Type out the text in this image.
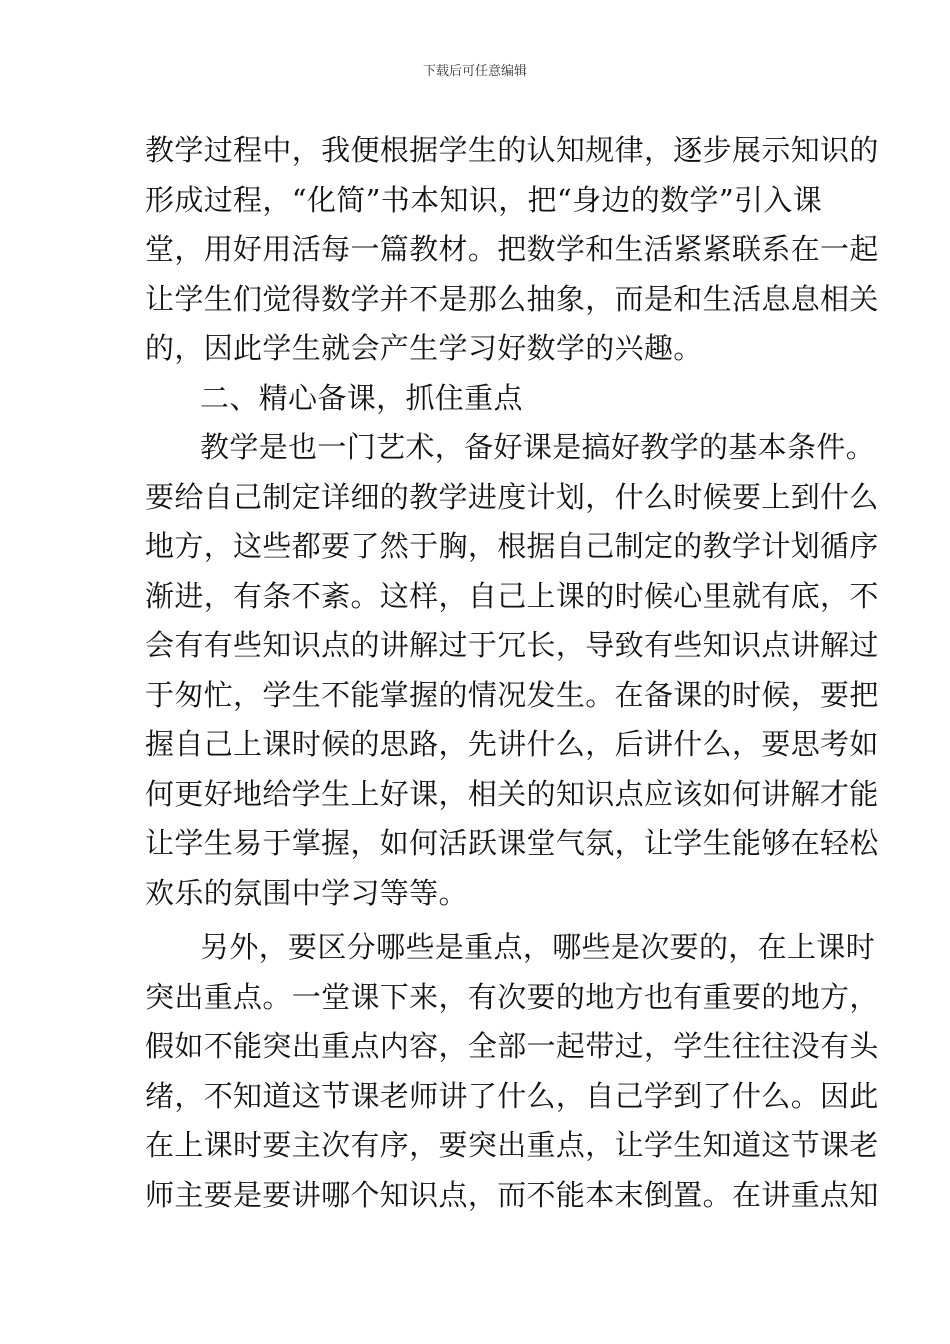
下载后可任意编辑
教学过程中，我便根据学生的认知规律，逐步展示知识的
形成过程，“化简”书本知识，把“身边的数学”引入课
堂，用好用活每一篇教材。把数学和生活紧紧联系在一起
让学生们觉得数学并不是那么抽象，而是和生活息息相关
的，因此学生就会产生学习好数学的兴趣。
二、精心备课，抓住重点
教学是也一门艺术，备好课是搞好教学的基本条件。
要给自己制定详细的教学进度计划，什么时候要上到什么
地方，这些都要了然于胸，根据自己制定的教学计划循序
渐进，有条不紊。这样，自己上课的时候心里就有底，不
会有有些知识点的讲解过于冗长，导致有些知识点讲解过
于匆忙，学生不能掌握的情况发生。在备课的时候，要把
握自己上课时候的思路，先讲什么，后讲什么，要思考如
何更好地给学生上好课，相关的知识点应该如何讲解才能
让学生易于掌握，如何活跃课堂气氛，让学生能够在轻松
欢乐的氛围中学习等等。
另外，要区分哪些是重点，哪些是次要的，在上课时
突出重点。一堂课下来，有次要的地方也有重要的地方，
假如不能突出重点内容，全部一起带过，学生往往没有头
绪，不知道这节课老师讲了什么，自己学到了什么。因此
在上课时要主次有序，要突出重点，让学生知道这节课老
师主要是要讲哪个知识点，而不能本末倒置。在讲重点知
